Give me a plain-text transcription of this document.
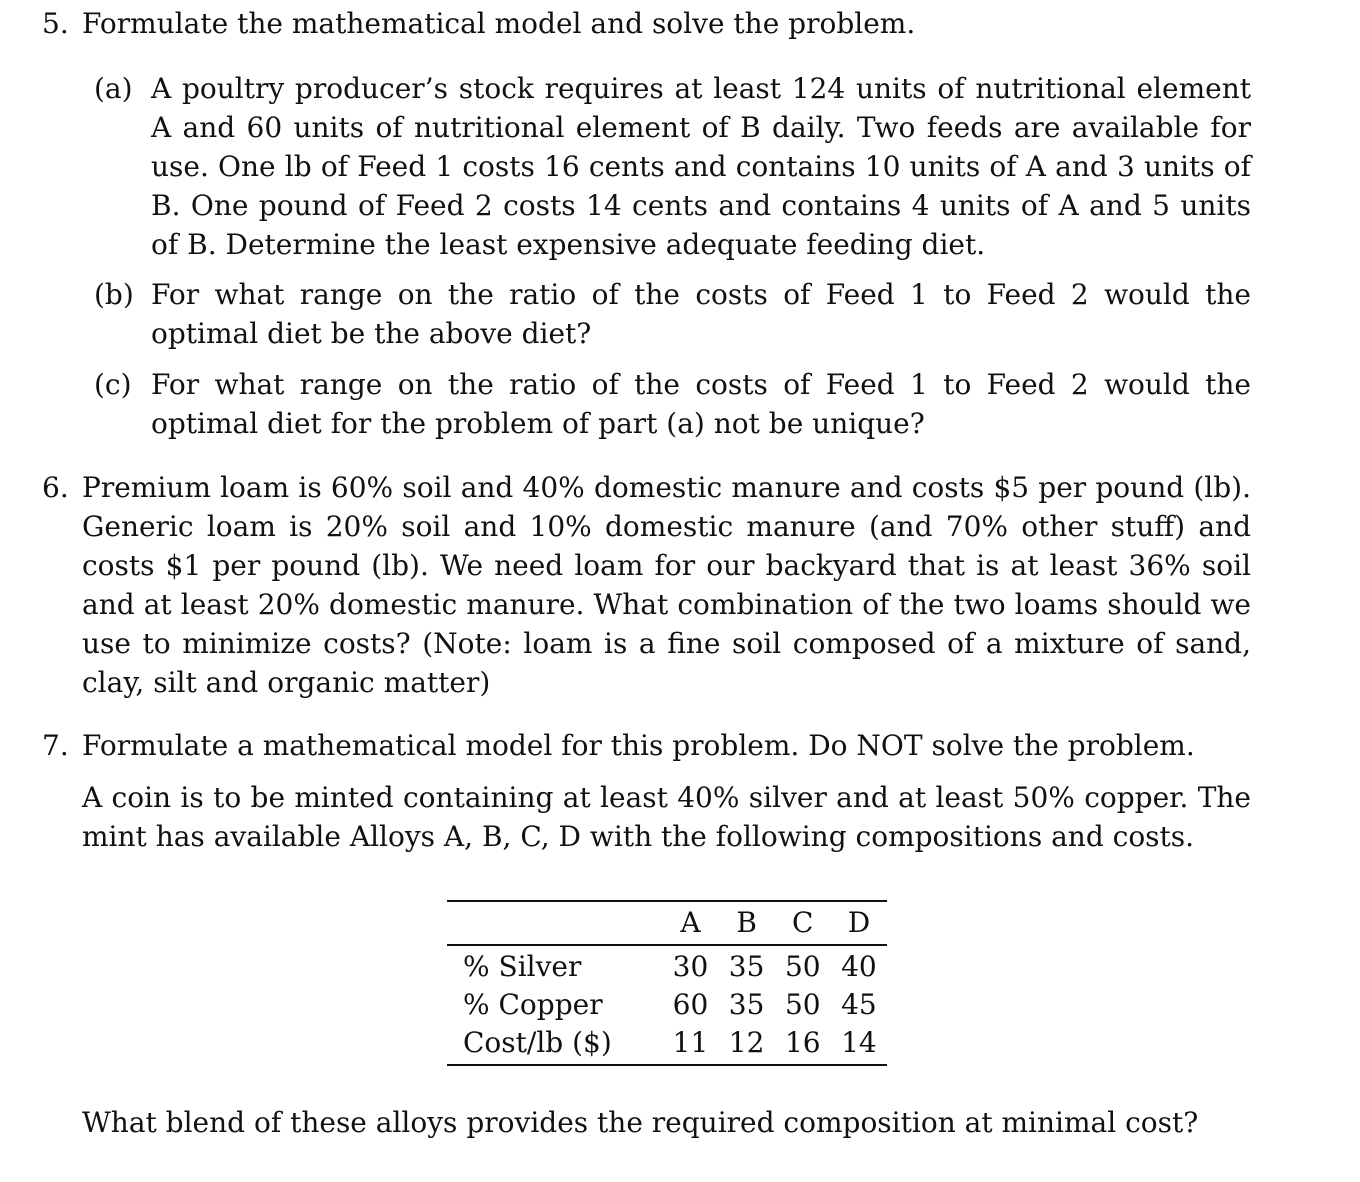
5. Formulate the mathematical model and solve the problem.
(a) A poultry producer’s stock requires at least 124 units of nutritional element A and 60 units of nutritional element of B daily. Two feeds are available for use. One lb of Feed 1 costs 16 cents and contains 10 units of A and 3 units of B. One pound of Feed 2 costs 14 cents and contains 4 units of A and 5 units of B. Determine the least expensive adequate feeding diet.
(b) For what range on the ratio of the costs of Feed 1 to Feed 2 would the optimal diet be the above diet?
(c) For what range on the ratio of the costs of Feed 1 to Feed 2 would the optimal diet for the problem of part (a) not be unique?
6. Premium loam is 60% soil and 40% domestic manure and costs $5 per pound (lb). Generic loam is 20% soil and 10% domestic manure (and 70% other stuff) and costs $1 per pound (lb). We need loam for our backyard that is at least 36% soil and at least 20% domestic manure. What combination of the two loams should we use to minimize costs? (Note: loam is a fine soil composed of a mixture of sand, clay, silt and organic matter)
7. Formulate a mathematical model for this problem. Do NOT solve the problem.
A coin is to be minted containing at least 40% silver and at least 50% copper. The mint has available Alloys A, B, C, D with the following compositions and costs.
	A	B	C	D
% Silver	30	35	50	40
% Copper	60	35	50	45
Cost/lb ($)	11	12	16	14
What blend of these alloys provides the required composition at minimal cost?
